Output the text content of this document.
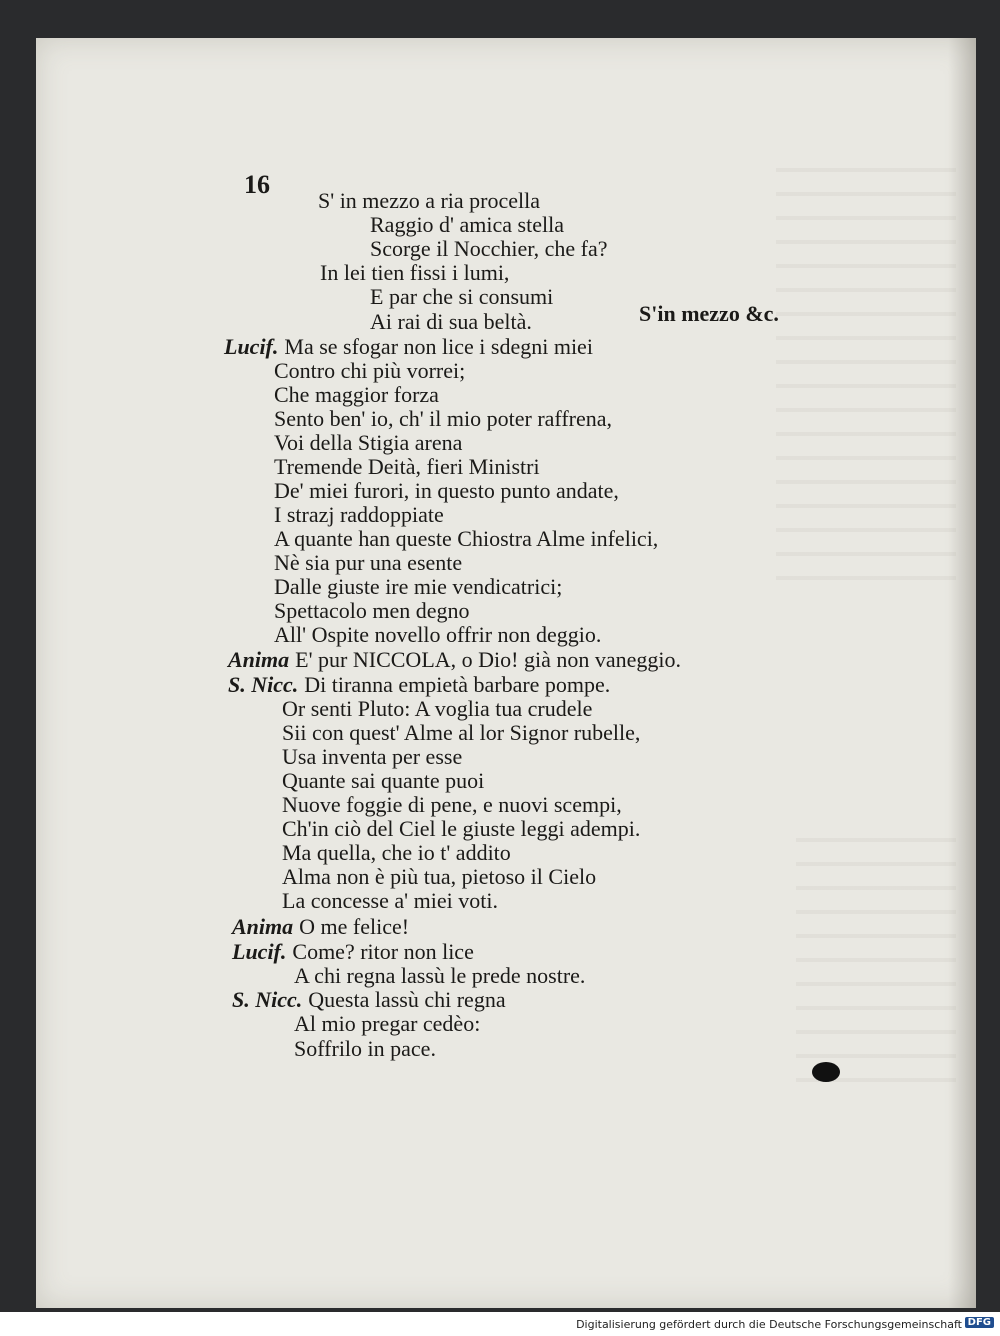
16
S' in mezzo a ria procella
Raggio d' amica stella
Scorge il Nocchier, che fa?
In lei tien fissi i lumi,
E par che si consumi
Ai rai di sua beltà.
Lucif. Ma se sfogar non lice i sdegni miei
Contro chi più vorrei;
Che maggior forza
Sento ben' io, ch' il mio poter raffrena,
Voi della Stigia arena
Tremende Deità, fieri Ministri
De' miei furori, in questo punto andate,
I strazj raddoppiate
A quante han queste Chiostra Alme infelici,
Nè sia pur una esente
Dalle giuste ire mie vendicatrici;
Spettacolo men degno
All' Ospite novello offrir non deggio.
Anima E' pur NICCOLA, o Dio! già non vaneggio.
S. Nicc. Di tiranna empietà barbare pompe.
Or senti Pluto: A voglia tua crudele
Sii con quest' Alme al lor Signor rubelle,
Usa inventa per esse
Quante sai quante puoi
Nuove foggie di pene, e nuovi scempi,
Ch'in ciò del Ciel le giuste leggi adempi.
Ma quella, che io t' addito
Alma non è più tua, pietoso il Cielo
La concesse a' miei voti.
Anima O me felice!
Lucif. Come? ritor non lice
A chi regna lassù le prede nostre.
S. Nicc. Questa lassù chi regna
Al mio pregar cedèo:
Soffrilo in pace.
S'in mezzo &c.
Digitalisierung gefördert durch die Deutsche Forschungsgemeinschaft DFG
